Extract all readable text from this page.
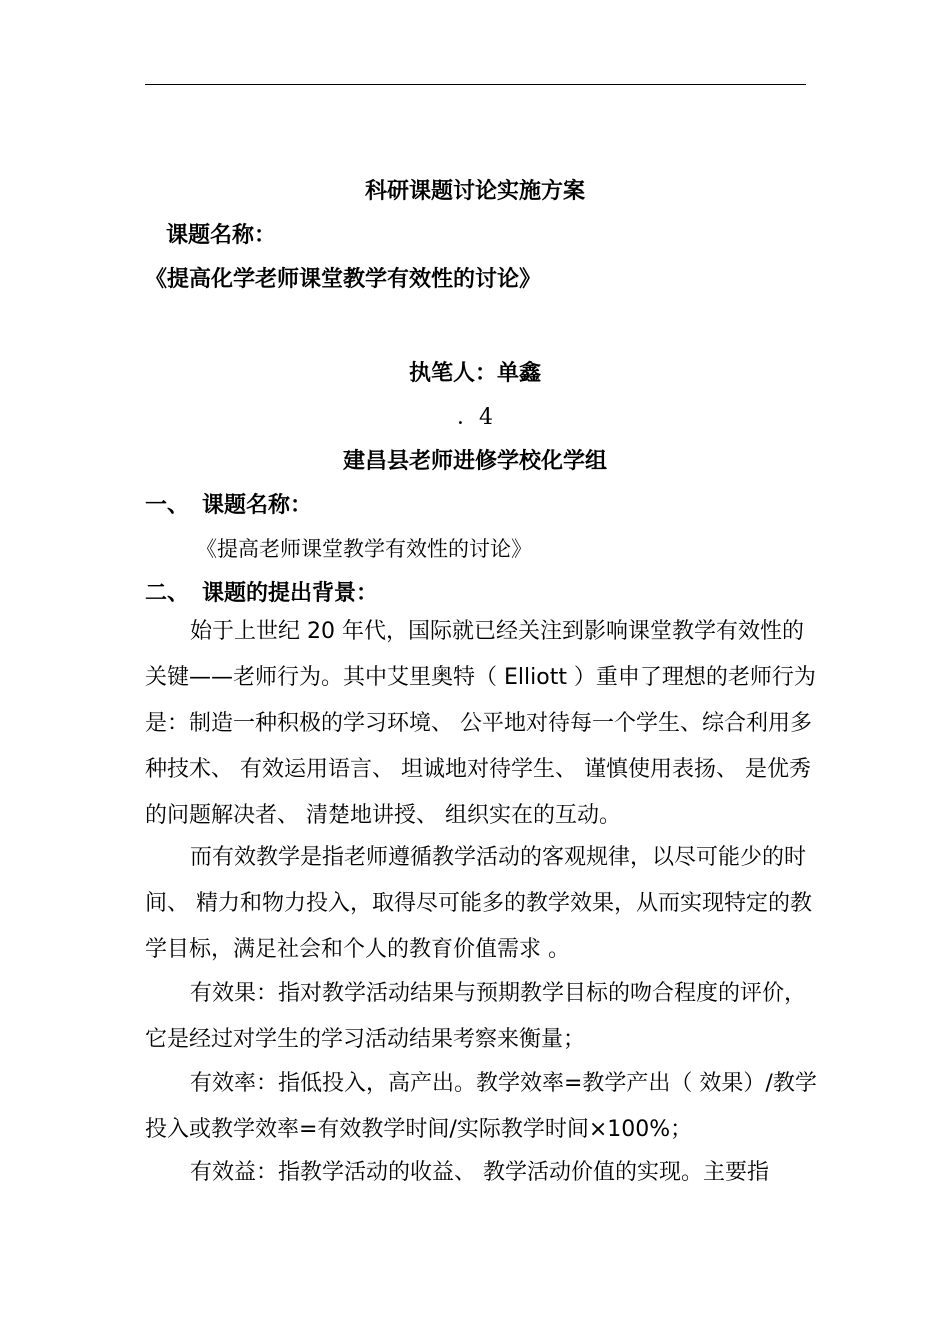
科研课题讨论实施方案
课题名称：
《提高化学老师课堂教学有效性的讨论》
执笔人：单鑫
．4
建昌县老师进修学校化学组
一、 课题名称：
《提高老师课堂教学有效性的讨论》
二、 课题的提出背景：
始于上世纪 20 年代，国际就已经关注到影响课堂教学有效性的关键——老师行为。其中艾里奥特（ Elliott ）重申了理想的老师行为是：制造一种积极的学习环境、 公平地对待每一个学生、综合利用多种技术、 有效运用语言、 坦诚地对待学生、 谨慎使用表扬、 是优秀的问题解决者、 清楚地讲授、 组织实在的互动。
而有效教学是指老师遵循教学活动的客观规律，以尽可能少的时间、 精力和物力投入，取得尽可能多的教学效果，从而实现特定的教学目标，满足社会和个人的教育价值需求 。
有效果：指对教学活动结果与预期教学目标的吻合程度的评价，它是经过对学生的学习活动结果考察来衡量；
有效率：指低投入，高产出。教学效率=教学产出（ 效果）/教学投入或教学效率=有效教学时间/实际教学时间×100%；
有效益：指教学活动的收益、 教学活动价值的实现。主要指
